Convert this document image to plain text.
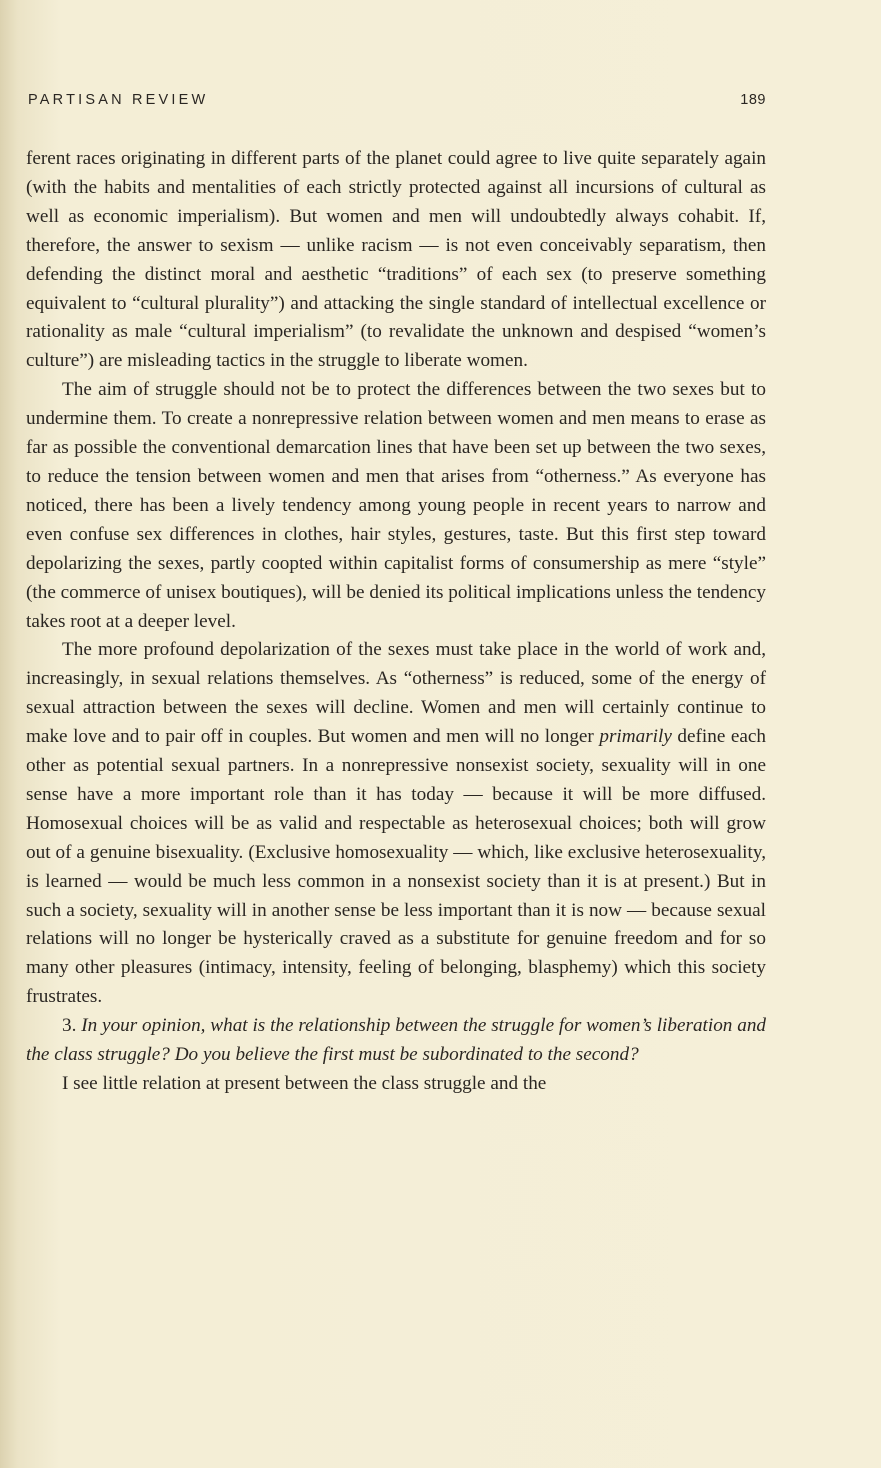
PARTISAN REVIEW	189

ferent races originating in different parts of the planet could agree to live quite separately again (with the habits and mentalities of each strictly protected against all incursions of cultural as well as economic imperialism). But women and men will undoubtedly always cohabit. If, therefore, the answer to sexism — unlike racism — is not even conceivably separatism, then defending the distinct moral and aesthetic “traditions” of each sex (to preserve something equivalent to “cultural plurality”) and attacking the single standard of intellectual excellence or rationality as male “cultural imperialism” (to revalidate the unknown and despised “women’s culture”) are misleading tactics in the struggle to liberate women.

The aim of struggle should not be to protect the differences between the two sexes but to undermine them. To create a nonrepressive relation between women and men means to erase as far as possible the conventional demarcation lines that have been set up between the two sexes, to reduce the tension between women and men that arises from “otherness.” As everyone has noticed, there has been a lively tendency among young people in recent years to narrow and even confuse sex differences in clothes, hair styles, gestures, taste. But this first step toward depolarizing the sexes, partly coopted within capitalist forms of consumership as mere “style” (the commerce of unisex boutiques), will be denied its political implications unless the tendency takes root at a deeper level.

The more profound depolarization of the sexes must take place in the world of work and, increasingly, in sexual relations themselves. As “otherness” is reduced, some of the energy of sexual attraction between the sexes will decline. Women and men will certainly continue to make love and to pair off in couples. But women and men will no longer primarily define each other as potential sexual partners. In a nonrepressive nonsexist society, sexuality will in one sense have a more important role than it has today — because it will be more diffused. Homosexual choices will be as valid and respectable as heterosexual choices; both will grow out of a genuine bisexuality. (Exclusive homosexuality — which, like exclusive heterosexuality, is learned — would be much less common in a nonsexist society than it is at present.) But in such a society, sexuality will in another sense be less important than it is now — because sexual relations will no longer be hysterically craved as a substitute for genuine freedom and for so many other pleasures (intimacy, intensity, feeling of belonging, blasphemy) which this society frustrates.

3. In your opinion, what is the relationship between the struggle for women’s liberation and the class struggle? Do you believe the first must be subordinated to the second?

I see little relation at present between the class struggle and the
